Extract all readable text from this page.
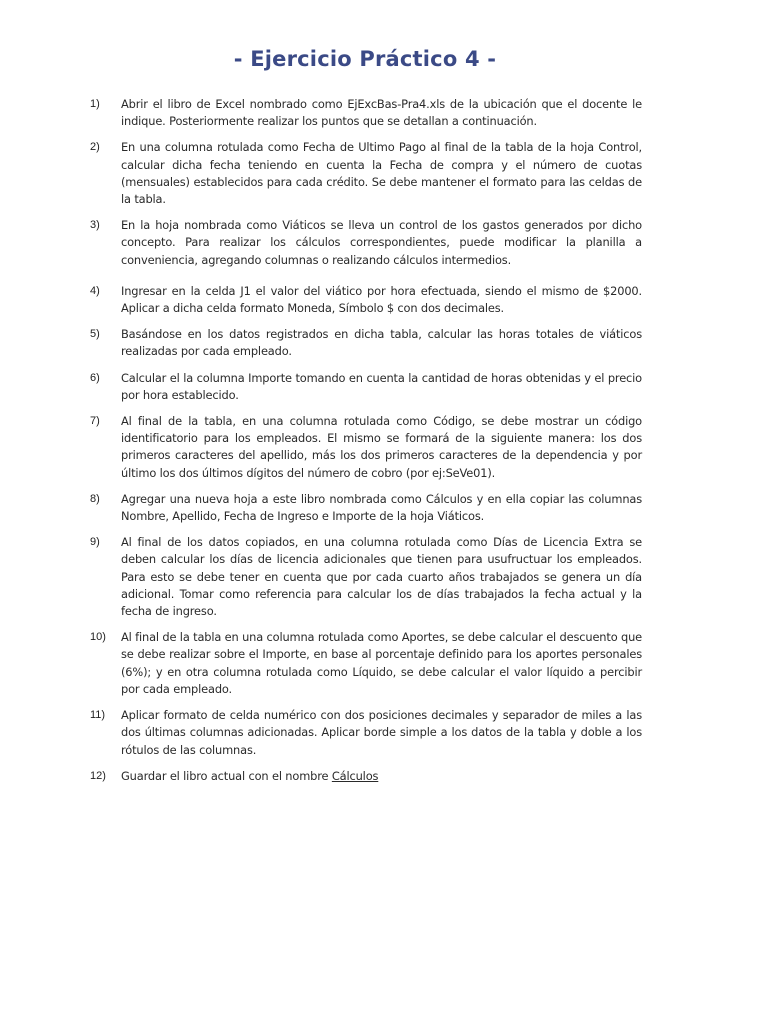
- Ejercicio Práctico 4 -
1)	Abrir el libro de Excel nombrado como EjExcBas-Pra4.xls de la ubicación que el docente le indique. Posteriormente realizar los puntos que se detallan a continuación.
2)	En una columna rotulada como Fecha de Ultimo Pago al final de la tabla de la hoja Control, calcular dicha fecha teniendo en cuenta la Fecha de compra y el número de cuotas (mensuales) establecidos para cada crédito. Se debe mantener el formato para las celdas de la tabla.
3)	En la hoja nombrada como Viáticos se lleva un control de los gastos generados por dicho concepto. Para realizar los cálculos correspondientes, puede modificar la planilla a conveniencia, agregando columnas o realizando cálculos intermedios.
4)	Ingresar en la celda J1 el valor del viático por hora efectuada, siendo el mismo de $2000. Aplicar a dicha celda formato Moneda, Símbolo $ con dos decimales.
5)	Basándose en los datos registrados en dicha tabla, calcular las horas totales de viáticos realizadas por cada empleado.
6)	Calcular el la columna Importe tomando en cuenta la cantidad de horas obtenidas y el precio por hora establecido.
7)	Al final de la tabla, en una columna rotulada como Código, se debe mostrar un código identificatorio para los empleados. El mismo se formará de la siguiente manera: los dos primeros caracteres del apellido, más los dos primeros caracteres de la dependencia y por último los dos últimos dígitos del número de cobro (por ej:SeVe01).
8)	Agregar una nueva hoja a este libro nombrada como Cálculos y en ella copiar las columnas Nombre, Apellido, Fecha de Ingreso e Importe de la hoja Viáticos.
9)	Al final de los datos copiados, en una columna rotulada como Días de Licencia Extra se deben calcular los días de licencia adicionales que tienen para usufructuar los empleados. Para esto se debe tener en cuenta que por cada cuarto años trabajados se genera un día adicional. Tomar como referencia para calcular los de días trabajados la fecha actual y la fecha de ingreso.
10)	Al final de la tabla en una columna rotulada como Aportes, se debe calcular el descuento que se debe realizar sobre el Importe, en base al porcentaje definido para los aportes personales (6%); y en otra columna rotulada como Líquido, se debe calcular el valor líquido a percibir por cada empleado.
11)	Aplicar formato de celda numérico con dos posiciones decimales y separador de miles a las dos últimas columnas adicionadas. Aplicar borde simple a los datos de la tabla y doble a los rótulos de las columnas.
12)	Guardar el libro actual con el nombre Cálculos
